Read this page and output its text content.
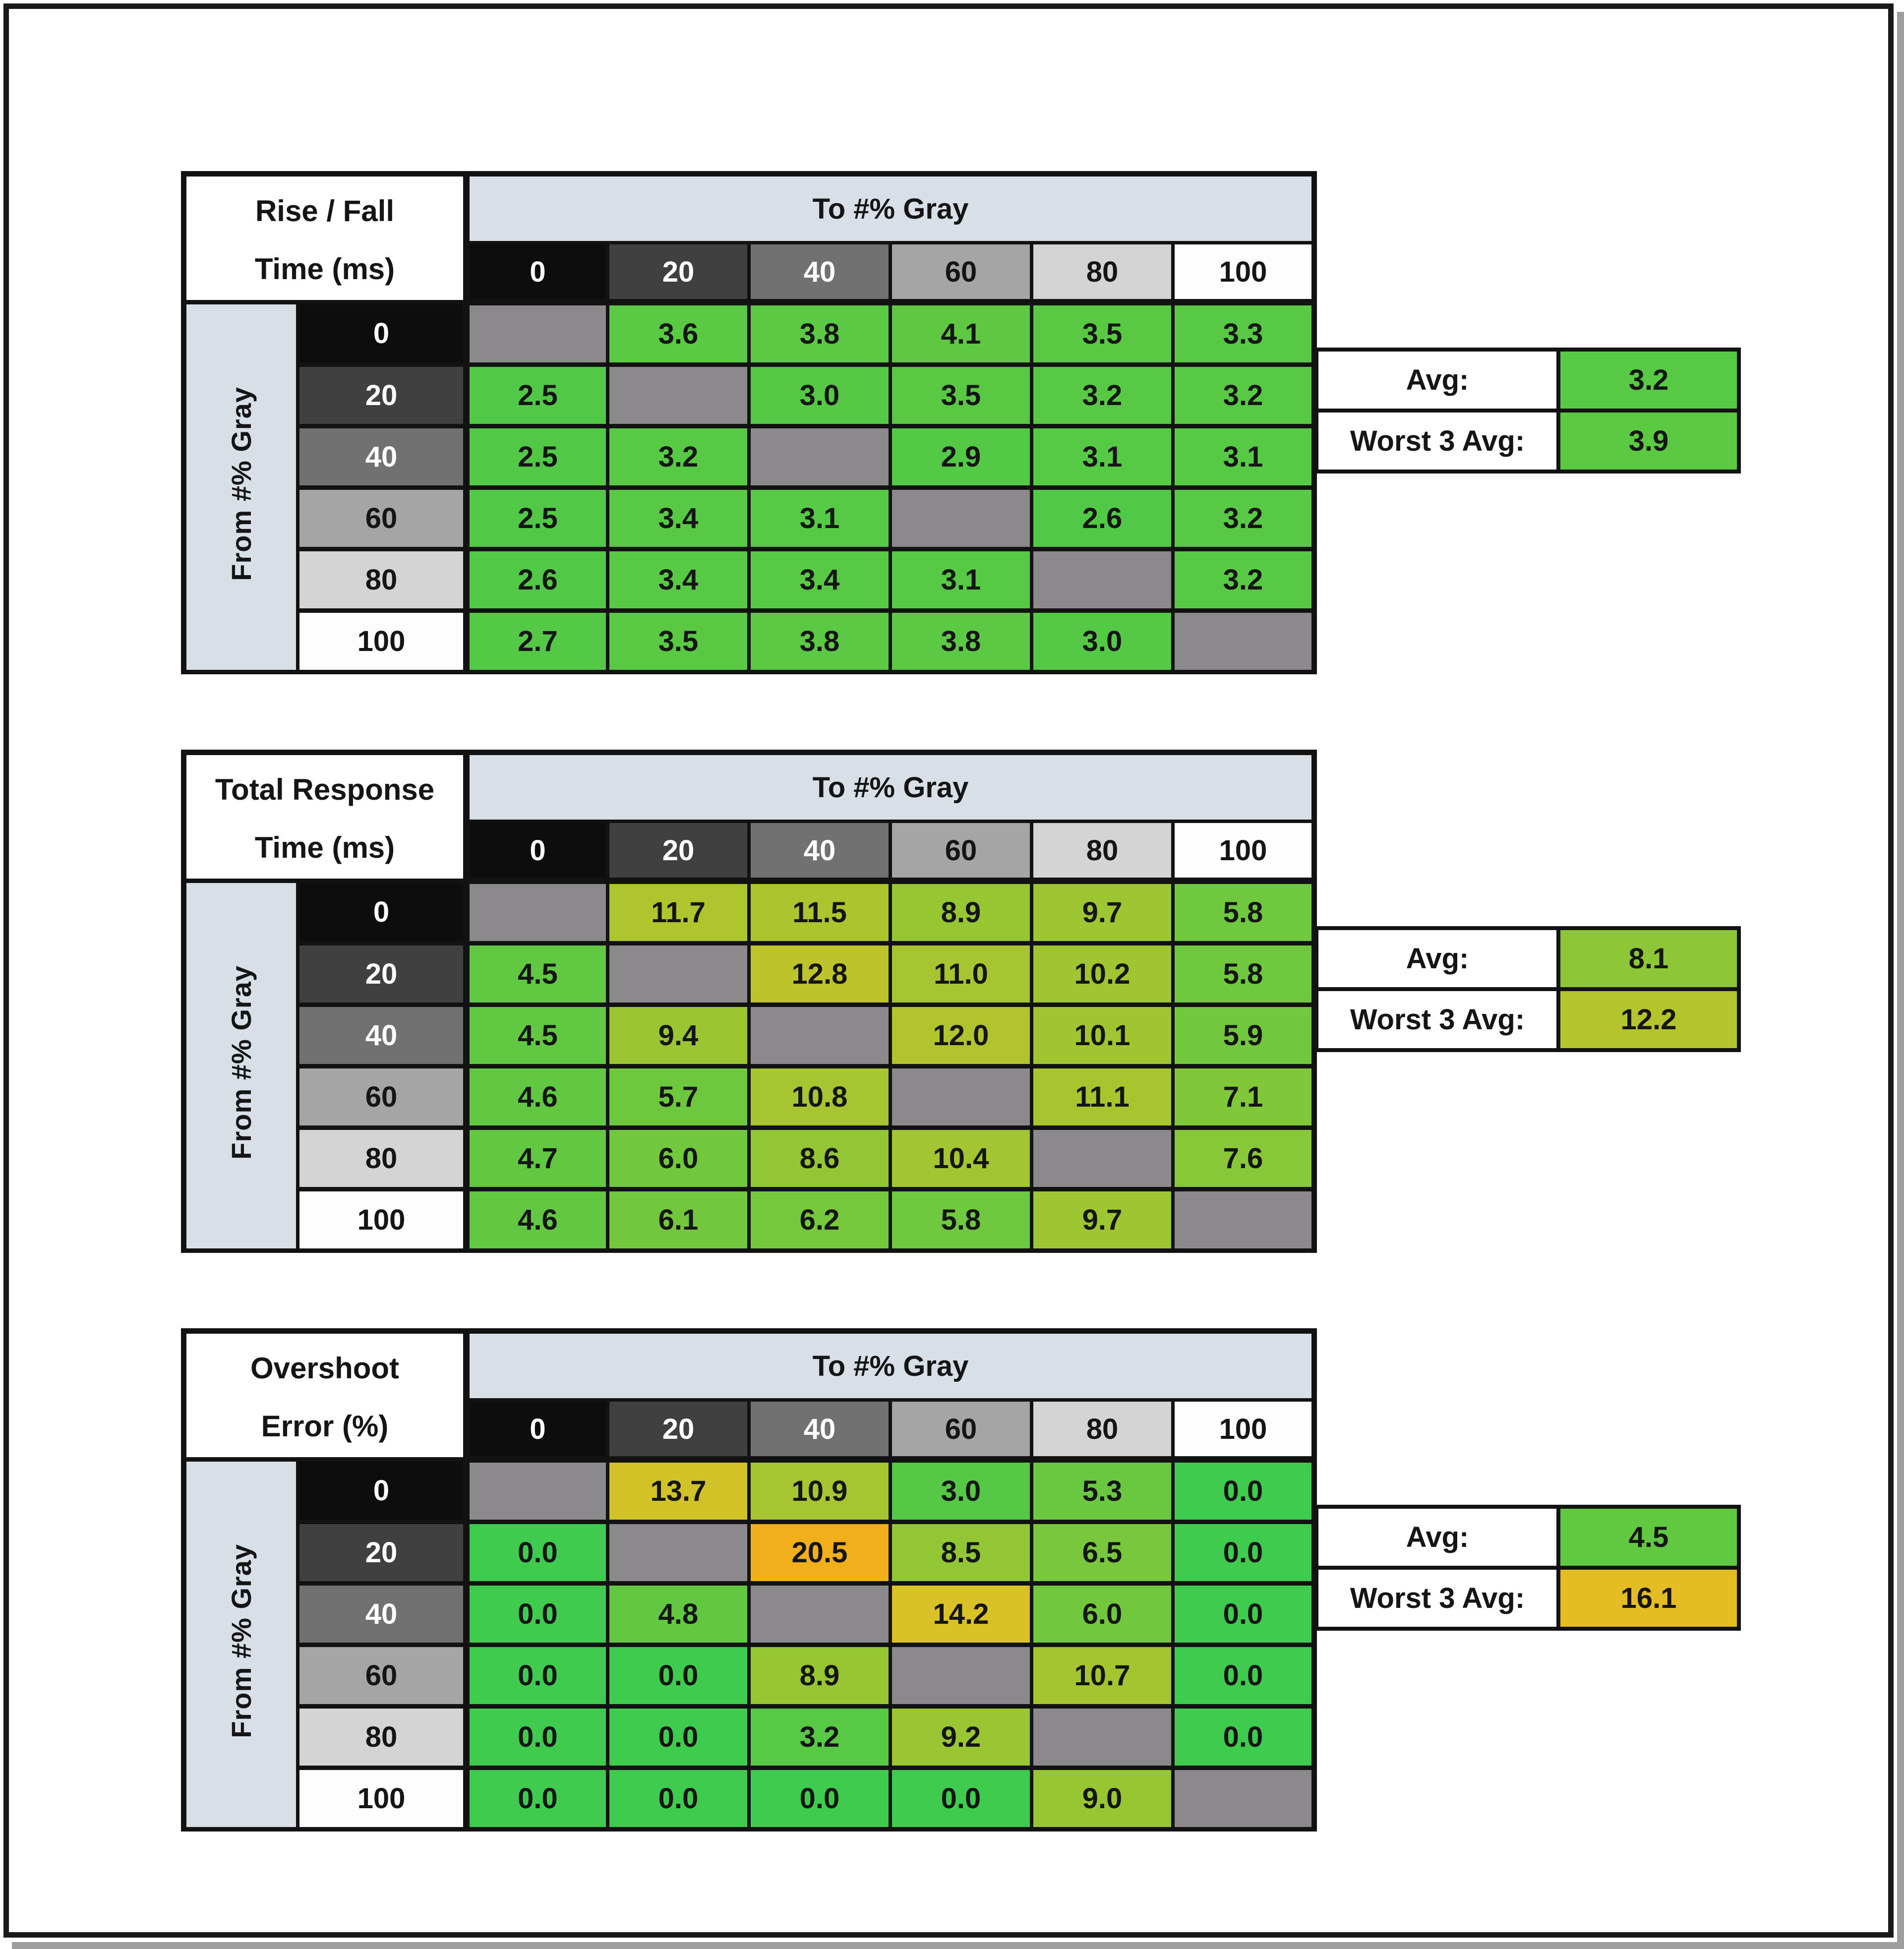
Rise / Fall
Time (ms)		To #% Gray					
		0	20	40	60	80	100
From #% Gray	0		3.6	3.8	4.1	3.5	3.3
	20	2.5		3.0	3.5	3.2	3.2
	40	2.5	3.2		2.9	3.1	3.1
	60	2.5	3.4	3.1		2.6	3.2
	80	2.6	3.4	3.4	3.1		3.2
	100	2.7	3.5	3.8	3.8	3.0	
Avg:	3.2
Worst 3 Avg:	3.9
Total Response
Time (ms)		To #% Gray					
		0	20	40	60	80	100
From #% Gray	0		11.7	11.5	8.9	9.7	5.8
	20	4.5		12.8	11.0	10.2	5.8
	40	4.5	9.4		12.0	10.1	5.9
	60	4.6	5.7	10.8		11.1	7.1
	80	4.7	6.0	8.6	10.4		7.6
	100	4.6	6.1	6.2	5.8	9.7	
Avg:	8.1
Worst 3 Avg:	12.2
Overshoot
Error (%)		To #% Gray					
		0	20	40	60	80	100
From #% Gray	0		13.7	10.9	3.0	5.3	0.0
	20	0.0		20.5	8.5	6.5	0.0
	40	0.0	4.8		14.2	6.0	0.0
	60	0.0	0.0	8.9		10.7	0.0
	80	0.0	0.0	3.2	9.2		0.0
	100	0.0	0.0	0.0	0.0	9.0	
Avg:	4.5
Worst 3 Avg:	16.1
